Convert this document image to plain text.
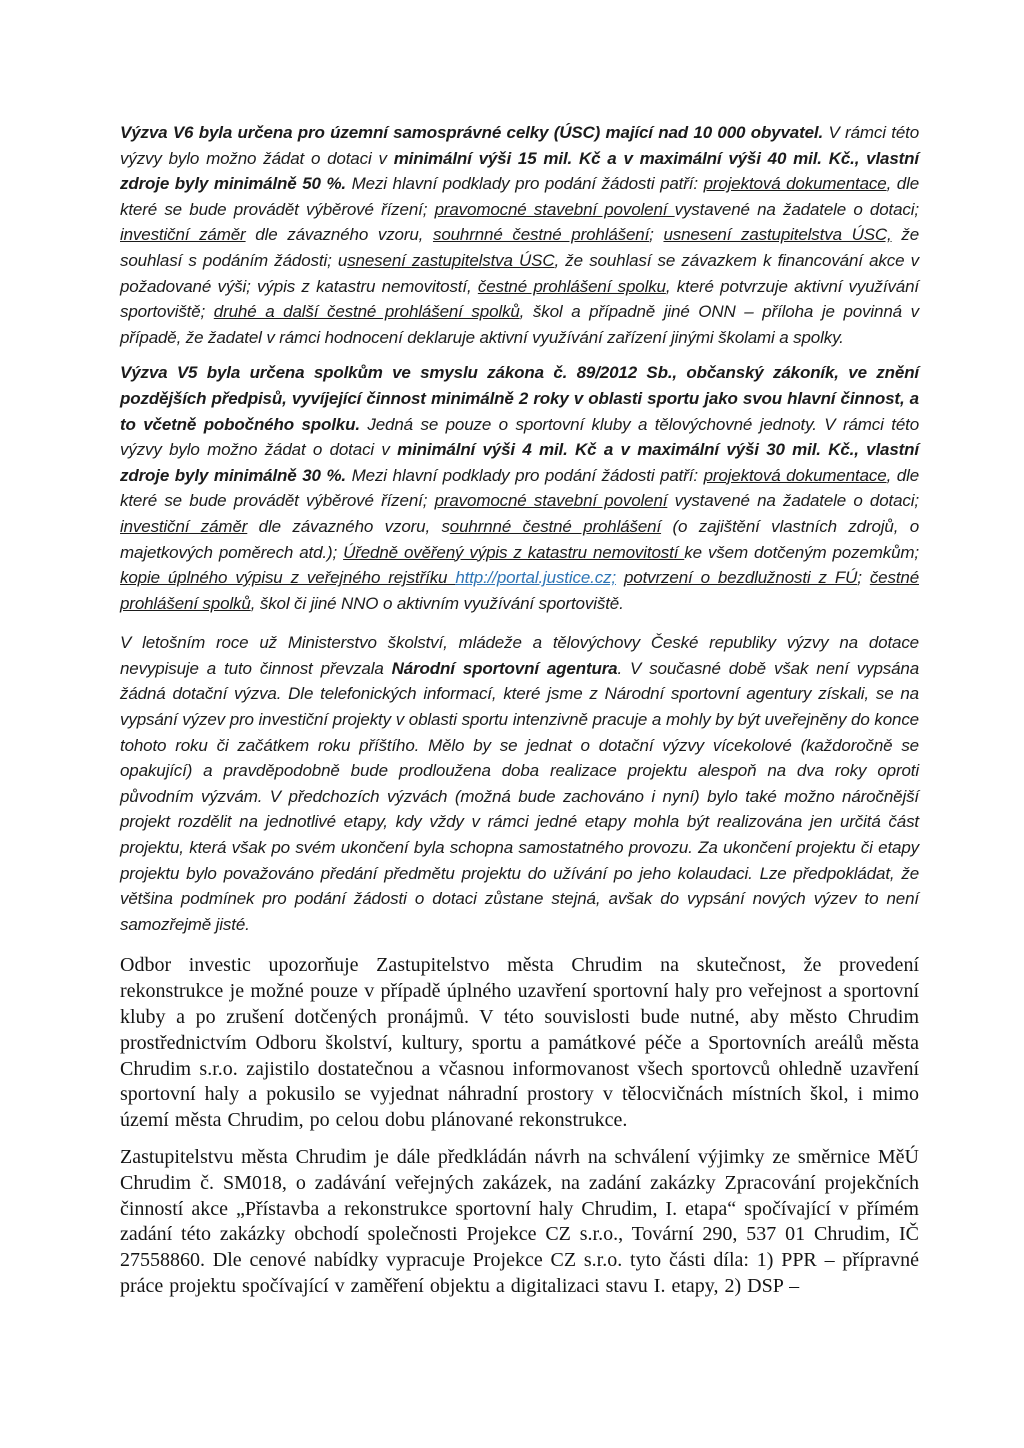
Výzva V6 byla určena pro územní samosprávné celky (ÚSC) mající nad 10 000 obyvatel. V rámci této výzvy bylo možno žádat o dotaci v minimální výši 15 mil. Kč a v maximální výši 40 mil. Kč., vlastní zdroje byly minimálně 50 %. Mezi hlavní podklady pro podání žádosti patří: projektová dokumentace, dle které se bude provádět výběrové řízení; pravomocné stavební povolení vystavené na žadatele o dotaci; investiční záměr dle závazného vzoru, souhrnné čestné prohlášení; usnesení zastupitelstva ÚSC, že souhlasí s podáním žádosti; usnesení zastupitelstva ÚSC, že souhlasí se závazkem k financování akce v požadované výši; výpis z katastru nemovitostí, čestné prohlášení spolku, které potvrzuje aktivní využívání sportoviště; druhé a další čestné prohlášení spolků, škol a případně jiné ONN – příloha je povinná v případě, že žadatel v rámci hodnocení deklaruje aktivní využívání zařízení jinými školami a spolky.

Výzva V5 byla určena spolkům ve smyslu zákona č. 89/2012 Sb., občanský zákoník, ve znění pozdějších předpisů, vyvíjející činnost minimálně 2 roky v oblasti sportu jako svou hlavní činnost, a to včetně pobočného spolku. Jedná se pouze o sportovní kluby a tělovýchovné jednoty. V rámci této výzvy bylo možno žádat o dotaci v minimální výši 4 mil. Kč a v maximální výši 30 mil. Kč., vlastní zdroje byly minimálně 30 %. Mezi hlavní podklady pro podání žádosti patří: projektová dokumentace, dle které se bude provádět výběrové řízení; pravomocné stavební povolení vystavené na žadatele o dotaci; investiční záměr dle závazného vzoru, souhrnné čestné prohlášení (o zajištění vlastních zdrojů, o majetkových poměrech atd.); Úředně ověřený výpis z katastru nemovitostí ke všem dotčeným pozemkům; kopie úplného výpisu z veřejného rejstříku http://portal.justice.cz; potvrzení o bezdlužnosti z FÚ; čestné prohlášení spolků, škol či jiné NNO o aktivním využívání sportoviště.

V letošním roce už Ministerstvo školství, mládeže a tělovýchovy České republiky výzvy na dotace nevypisuje a tuto činnost převzala Národní sportovní agentura. V současné době však není vypsána žádná dotační výzva. Dle telefonických informací, které jsme z Národní sportovní agentury získali, se na vypsání výzev pro investiční projekty v oblasti sportu intenzivně pracuje a mohly by být uveřejněny do konce tohoto roku či začátkem roku příštího. Mělo by se jednat o dotační výzvy vícekolové (každoročně se opakující) a pravděpodobně bude prodloužena doba realizace projektu alespoň na dva roky oproti původním výzvám. V předchozích výzvách (možná bude zachováno i nyní) bylo také možno náročnější projekt rozdělit na jednotlivé etapy, kdy vždy v rámci jedné etapy mohla být realizována jen určitá část projektu, která však po svém ukončení byla schopna samostatného provozu. Za ukončení projektu či etapy projektu bylo považováno předání předmětu projektu do užívání po jeho kolaudaci. Lze předpokládat, že většina podmínek pro podání žádosti o dotaci zůstane stejná, avšak do vypsání nových výzev to není samozřejmě jisté.

Odbor investic upozorňuje Zastupitelstvo města Chrudim na skutečnost, že provedení rekonstrukce je možné pouze v případě úplného uzavření sportovní haly pro veřejnost a sportovní kluby a po zrušení dotčených pronájmů. V této souvislosti bude nutné, aby město Chrudim prostřednictvím Odboru školství, kultury, sportu a památkové péče a Sportovních areálů města Chrudim s.r.o. zajistilo dostatečnou a včasnou informovanost všech sportovců ohledně uzavření sportovní haly a pokusilo se vyjednat náhradní prostory v tělocvičnách místních škol, i mimo území města Chrudim, po celou dobu plánované rekonstrukce.

Zastupitelstvu města Chrudim je dále předkládán návrh na schválení výjimky ze směrnice MěÚ Chrudim č. SM018, o zadávání veřejných zakázek, na zadání zakázky Zpracování projekčních činností akce „Přístavba a rekonstrukce sportovní haly Chrudim, I. etapa“ spočívající v přímém zadání této zakázky obchodí společnosti Projekce CZ s.r.o., Tovární 290, 537 01 Chrudim, IČ 27558860. Dle cenové nabídky vypracuje Projekce CZ s.r.o. tyto části díla: 1) PPR – přípravné práce projektu spočívající v zaměření objektu a digitalizaci stavu I. etapy, 2) DSP –
